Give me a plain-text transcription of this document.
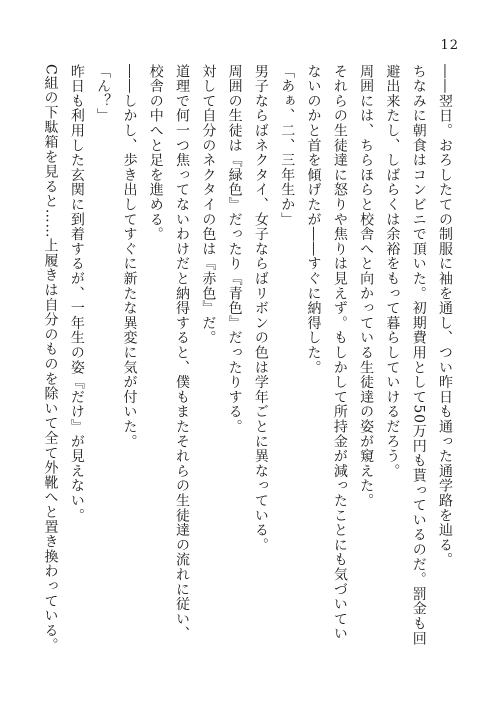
12
――翌日。おろしたての制服に袖を通し、つい昨日も通った通学路を辿る。
ちなみに朝食はコンビニで頂いた。初期費用として50万円も貰っているのだ。罰金も回
避出来たし、しばらくは余裕をもって暮らしていけるだろう。
周囲には、ちらほらと校舎へと向かっている生徒達の姿が窺えた。
それらの生徒達に怒りや焦りは見えず。もしかして所持金が減ったことにも気づいてい
ないのかと首を傾げたが――すぐに納得した。
「あぁ、二、三年生か」
男子ならばネクタイ、女子ならばリボンの色は学年ごとに異なっている。
周囲の生徒は『緑色』だったり『青色』だったりする。
対して自分のネクタイの色は『赤色』だ。
道理で何一つ焦ってないわけだと納得すると、僕もまたそれらの生徒達の流れに従い、
校舎の中へと足を進める。
――しかし、歩き出してすぐに新たな異変に気が付いた。
「ん？」
昨日も利用した玄関に到着するが、一年生の姿『だけ』が見えない。
C組の下駄箱を見ると……上履きは自分のものを除いて全て外靴へと置き換わっている。
